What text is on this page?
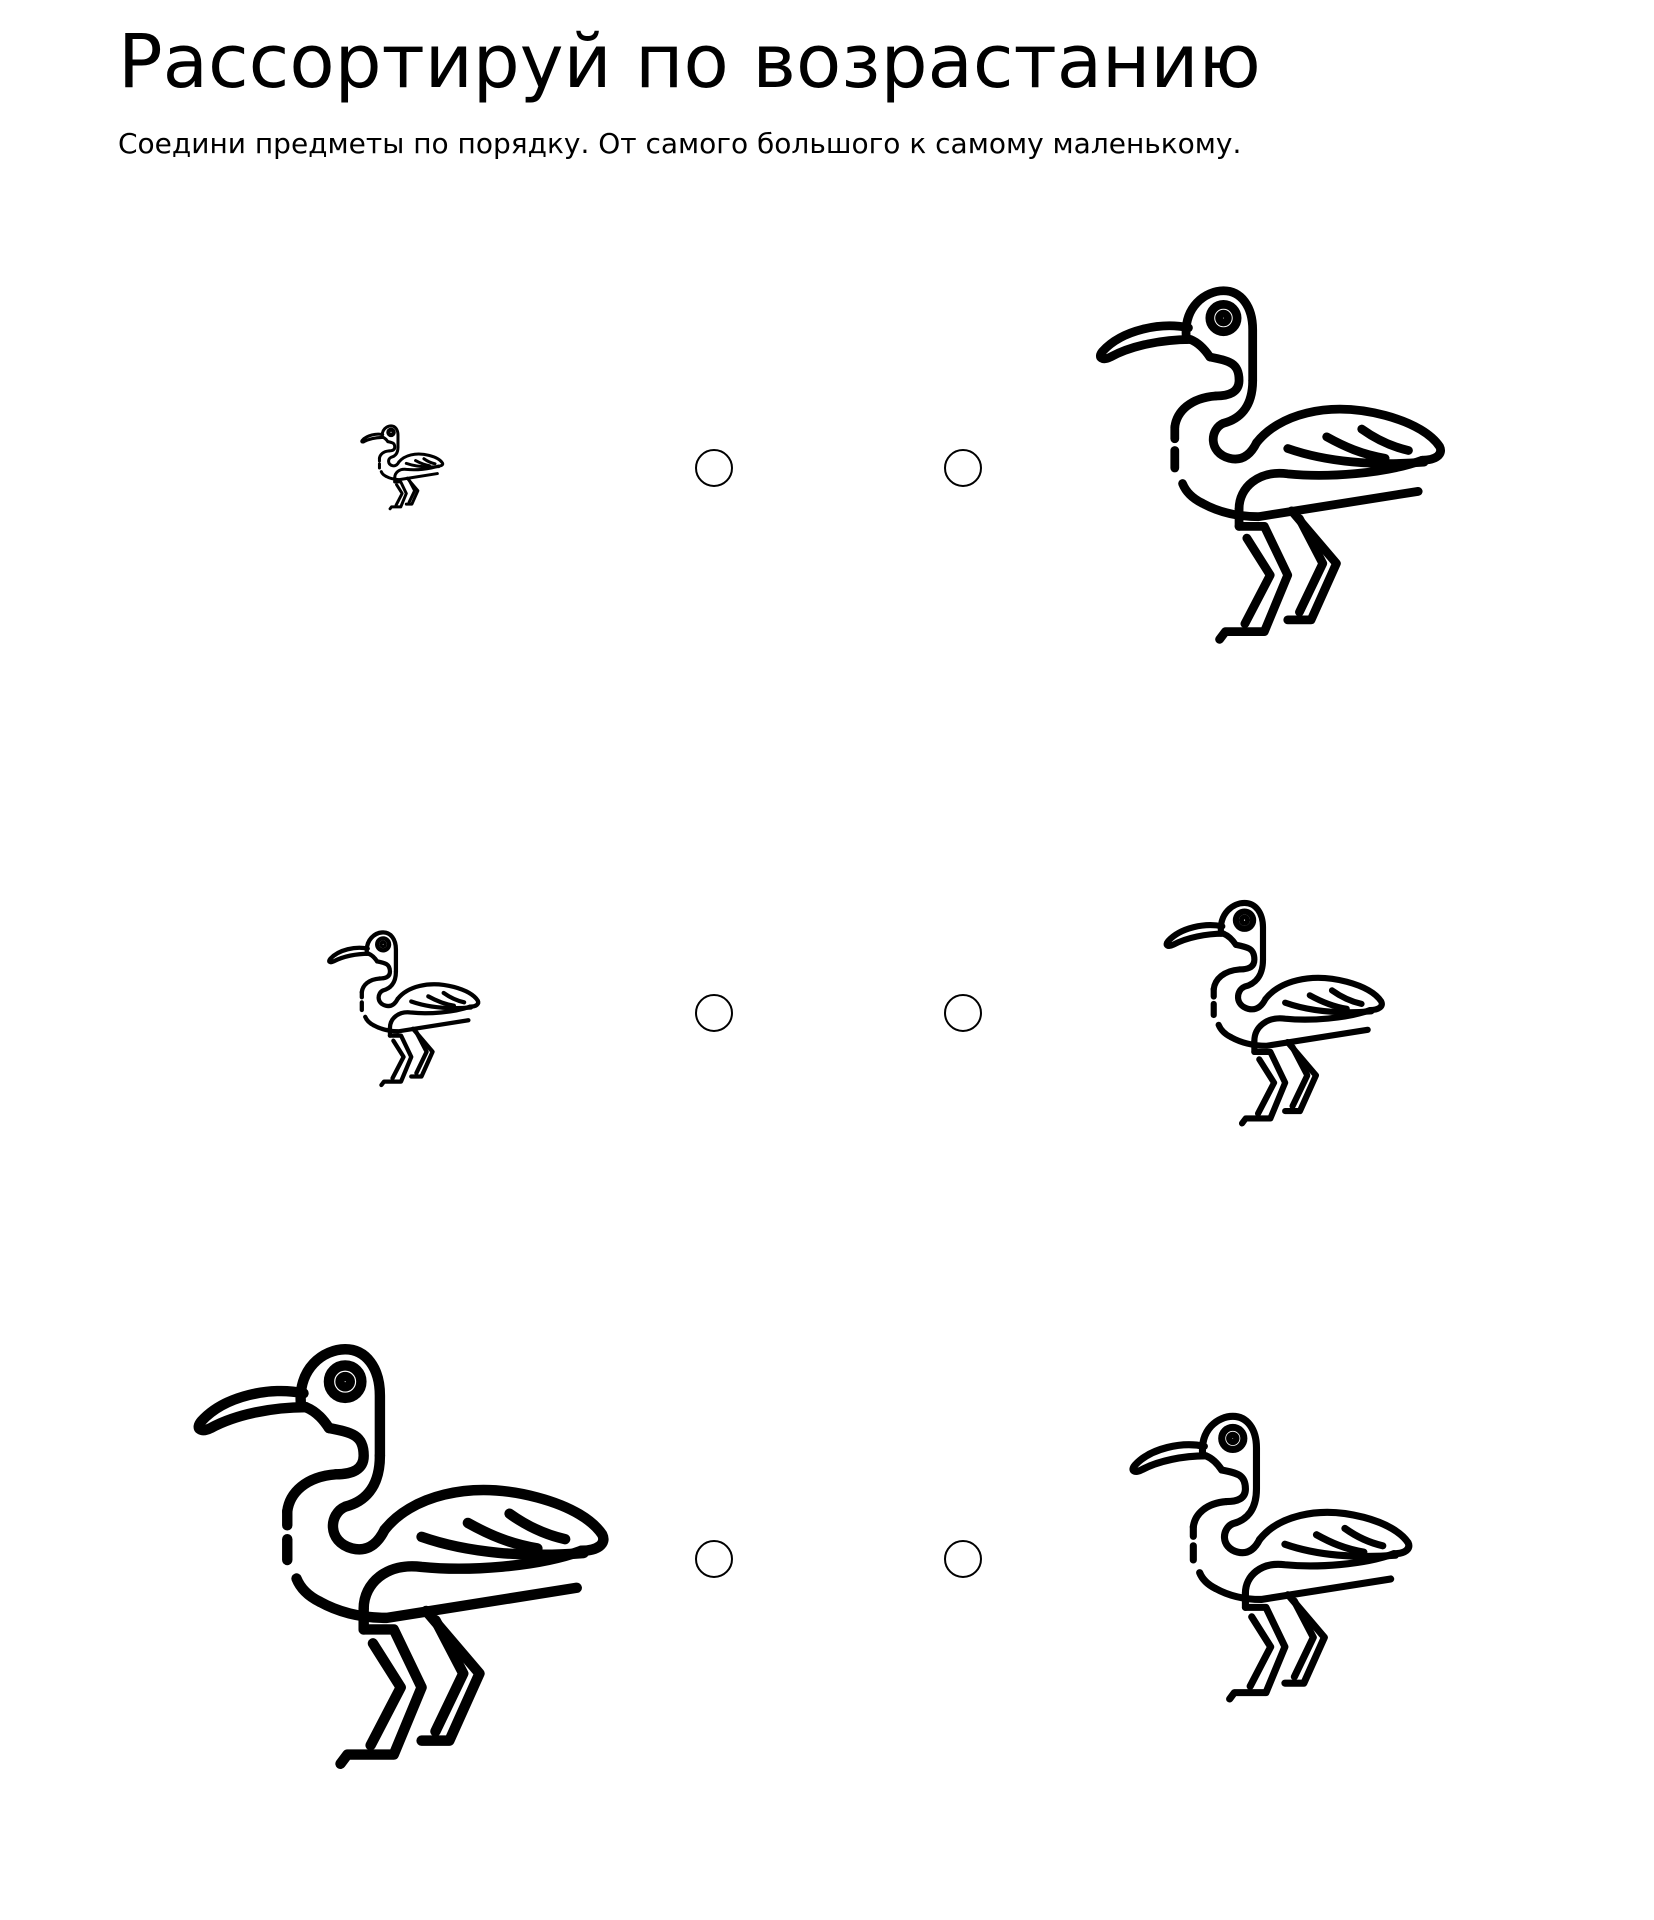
Рассортируй по возрастанию

Соедини предметы по порядку. От самого большого к самому маленькому.
